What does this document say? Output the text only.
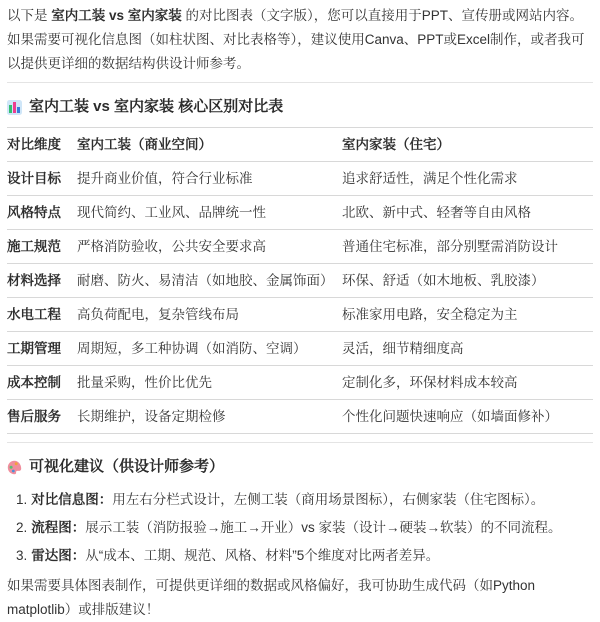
以下是 室内工装 vs 室内家装 的对比图表（文字版），您可以直接用于PPT、宣传册或网站内容。如果需要可视化信息图（如柱状图、对比表格等），建议使用Canva、PPT或Excel制作，或者我可以提供更详细的数据结构供设计师参考。

室内工装 vs 室内家装 核心区别对比表
对比维度	室内工装（商业空间）	室内家装（住宅）
设计目标	提升商业价值，符合行业标准	追求舒适性，满足个性化需求
风格特点	现代简约、工业风、品牌统一性	北欧、新中式、轻奢等自由风格
施工规范	严格消防验收，公共安全要求高	普通住宅标准，部分别墅需消防设计
材料选择	耐磨、防火、易清洁（如地胶、金属饰面）	环保、舒适（如木地板、乳胶漆）
水电工程	高负荷配电，复杂管线布局	标准家用电路，安全稳定为主
工期管理	周期短，多工种协调（如消防、空调）	灵活，细节精细度高
成本控制	批量采购，性价比优先	定制化多，环保材料成本较高
售后服务	长期维护，设备定期检修	个性化问题快速响应（如墙面修补）
可视化建议（供设计师参考）
1. 对比信息图：用左右分栏式设计，左侧工装（商用场景图标），右侧家装（住宅图标）。
2. 流程图：展示工装（消防报验→施工→开业）vs 家装（设计→硬装→软装）的不同流程。
3. 雷达图：从“成本、工期、规范、风格、材料”5个维度对比两者差异。

如果需要具体图表制作，可提供更详细的数据或风格偏好，我可协助生成代码（如Python matplotlib）或排版建议！
